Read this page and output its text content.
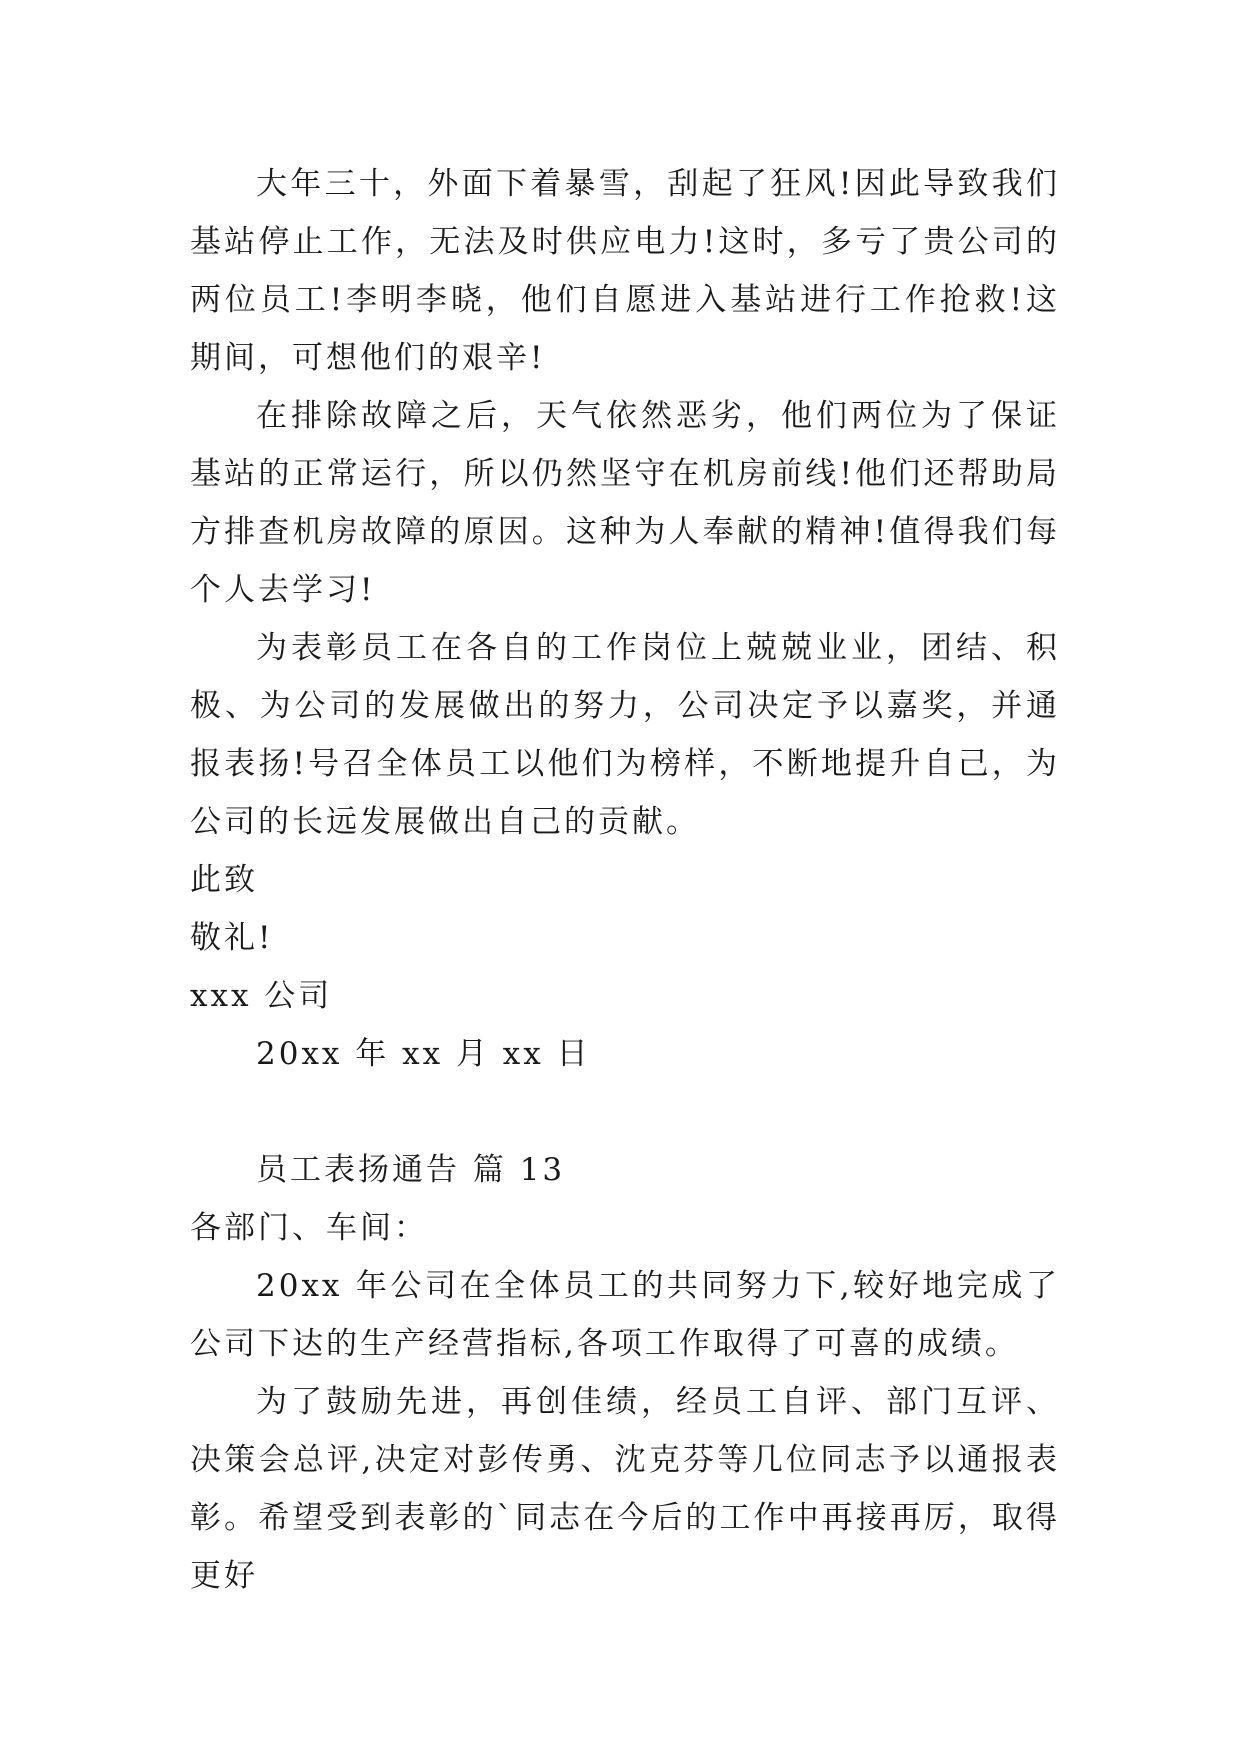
大年三十，外面下着暴雪，刮起了狂风!因此导致我们基站停止工作，无法及时供应电力!这时，多亏了贵公司的两位员工!李明李晓，他们自愿进入基站进行工作抢救!这期间，可想他们的艰辛!

在排除故障之后，天气依然恶劣，他们两位为了保证基站的正常运行，所以仍然坚守在机房前线!他们还帮助局方排查机房故障的原因。这种为人奉献的精神!值得我们每个人去学习!

为表彰员工在各自的工作岗位上兢兢业业，团结、积极、为公司的发展做出的努力，公司决定予以嘉奖，并通报表扬!号召全体员工以他们为榜样，不断地提升自己，为公司的长远发展做出自己的贡献。

此致

敬礼!

xxx 公司

20xx 年 xx 月 xx 日

员工表扬通告 篇 13

各部门、车间：

20xx 年公司在全体员工的共同努力下,较好地完成了公司下达的生产经营指标,各项工作取得了可喜的成绩。

为了鼓励先进，再创佳绩，经员工自评、部门互评、决策会总评,决定对彭传勇、沈克芬等几位同志予以通报表彰。希望受到表彰的`同志在今后的工作中再接再厉，取得更好
